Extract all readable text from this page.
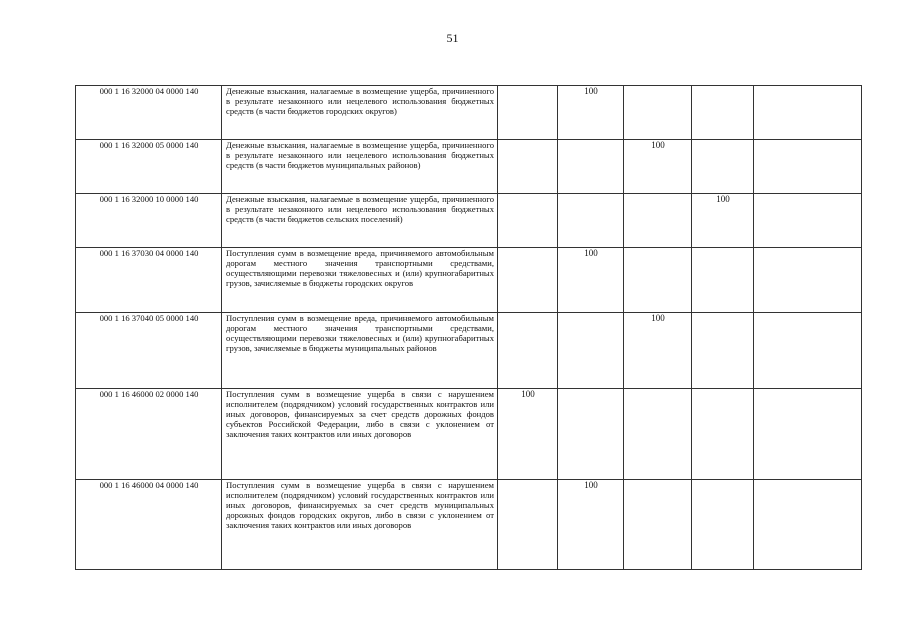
51
000 1 16 32000 04 0000 140	Денежные взыскания, налагаемые в возмещение ущерба, причиненного в результате незаконного или нецелевого использования бюджетных средств (в части бюджетов городских округов)		100			
000 1 16 32000 05 0000 140	Денежные взыскания, налагаемые в возмещение ущерба, причиненного в результате незаконного или нецелевого использования бюджетных средств (в части бюджетов муниципальных районов)			100		
000 1 16 32000 10 0000 140	Денежные взыскания, налагаемые в возмещение ущерба, причиненного в результате незаконного или нецелевого использования бюджетных средств (в части бюджетов сельских поселений)				100	
000 1 16 37030 04 0000 140	Поступления сумм в возмещение вреда, причиняемого автомобильным дорогам местного значения транспортными средствами, осуществляющими перевозки тяжеловесных и (или) крупногабаритных грузов, зачисляемые в бюджеты городских округов		100			
000 1 16 37040 05 0000 140	Поступления сумм в возмещение вреда, причиняемого автомобильным дорогам местного значения транспортными средствами, осуществляющими перевозки тяжеловесных и (или) крупногабаритных грузов, зачисляемые в бюджеты муниципальных районов			100		
000 1 16 46000 02 0000 140	Поступления сумм в возмещение ущерба в связи с нарушением исполнителем (подрядчиком) условий государственных контрактов или иных договоров, финансируемых за счет средств дорожных фондов субъектов Российской Федерации, либо в связи с уклонением от заключения таких контрактов или иных договоров	100				
000 1 16 46000 04 0000 140	Поступления сумм в возмещение ущерба в связи с нарушением исполнителем (подрядчиком) условий государственных контрактов или иных договоров, финансируемых за счет средств муниципальных дорожных фондов городских округов, либо в связи с уклонением от заключения таких контрактов или иных договоров		100			
